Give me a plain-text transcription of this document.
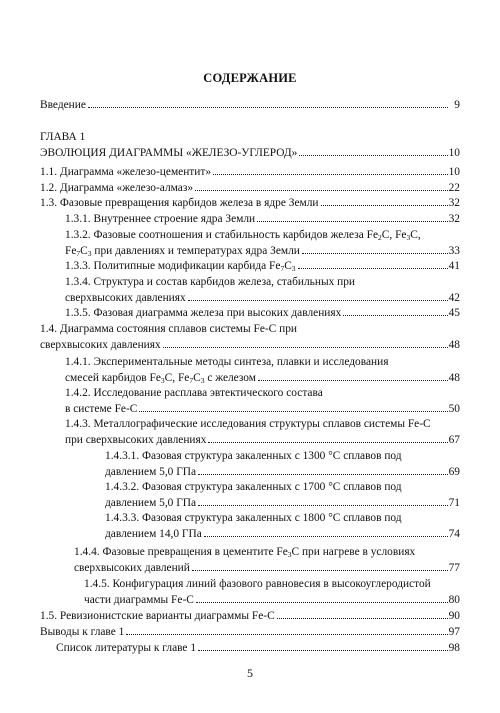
СОДЕРЖАНИЕ
Введение	9
ГЛАВА 1
ЭВОЛЮЦИЯ ДИАГРАММЫ «ЖЕЛЕЗО-УГЛЕРОД»	10
1.1. Диаграмма «железо-цементит»	10
1.2. Диаграмма «железо-алмаз»	22
1.3. Фазовые превращения карбидов железа в ядре Земли	32
1.3.1. Внутреннее строение ядра Земли	32
1.3.2. Фазовые соотношения и стабильность карбидов железа $Fe_2C$, $Fe_3C$,
$Fe_7C_3$ при давлениях и температурах ядра Земли	33
1.3.3. Политипные модификации карбида $Fe_7C_3$	41
1.3.4. Структура и состав карбидов железа, стабильных при
сверхвысоких давлениях	42
1.3.5. Фазовая диаграмма железа при высоких давлениях	45
1.4. Диаграмма состояния сплавов системы Fe-C при
сверхвысоких давлениях	48
1.4.1. Экспериментальные методы синтеза, плавки и исследования
смесей карбидов $Fe_3C$, $Fe_7C_3$ с железом	48
1.4.2. Исследование расплава эвтектического состава
в системе Fe-C	50
1.4.3. Металлографические исследования структуры сплавов системы Fe-C
при сверхвысоких давлениях	67
1.4.3.1. Фазовая структура закаленных с 1300 °С сплавов под
давлением 5,0 ГПа	69
1.4.3.2. Фазовая структура закаленных с 1700 °С сплавов под
давлением 5,0 ГПа	71
1.4.3.3. Фазовая структура закаленных с 1800 °С сплавов под
давлением 14,0 ГПа	74
1.4.4. Фазовые превращения в цементите $Fe_3C$ при нагреве в условиях
сверхвысоких давлений	77
1.4.5. Конфигурация линий фазового равновесия в высокоуглеродистой
части диаграммы Fe-C	80
1.5. Ревизионистские варианты диаграммы Fe-C	90
Выводы к главе 1	97
Список литературы к главе 1	98
5
